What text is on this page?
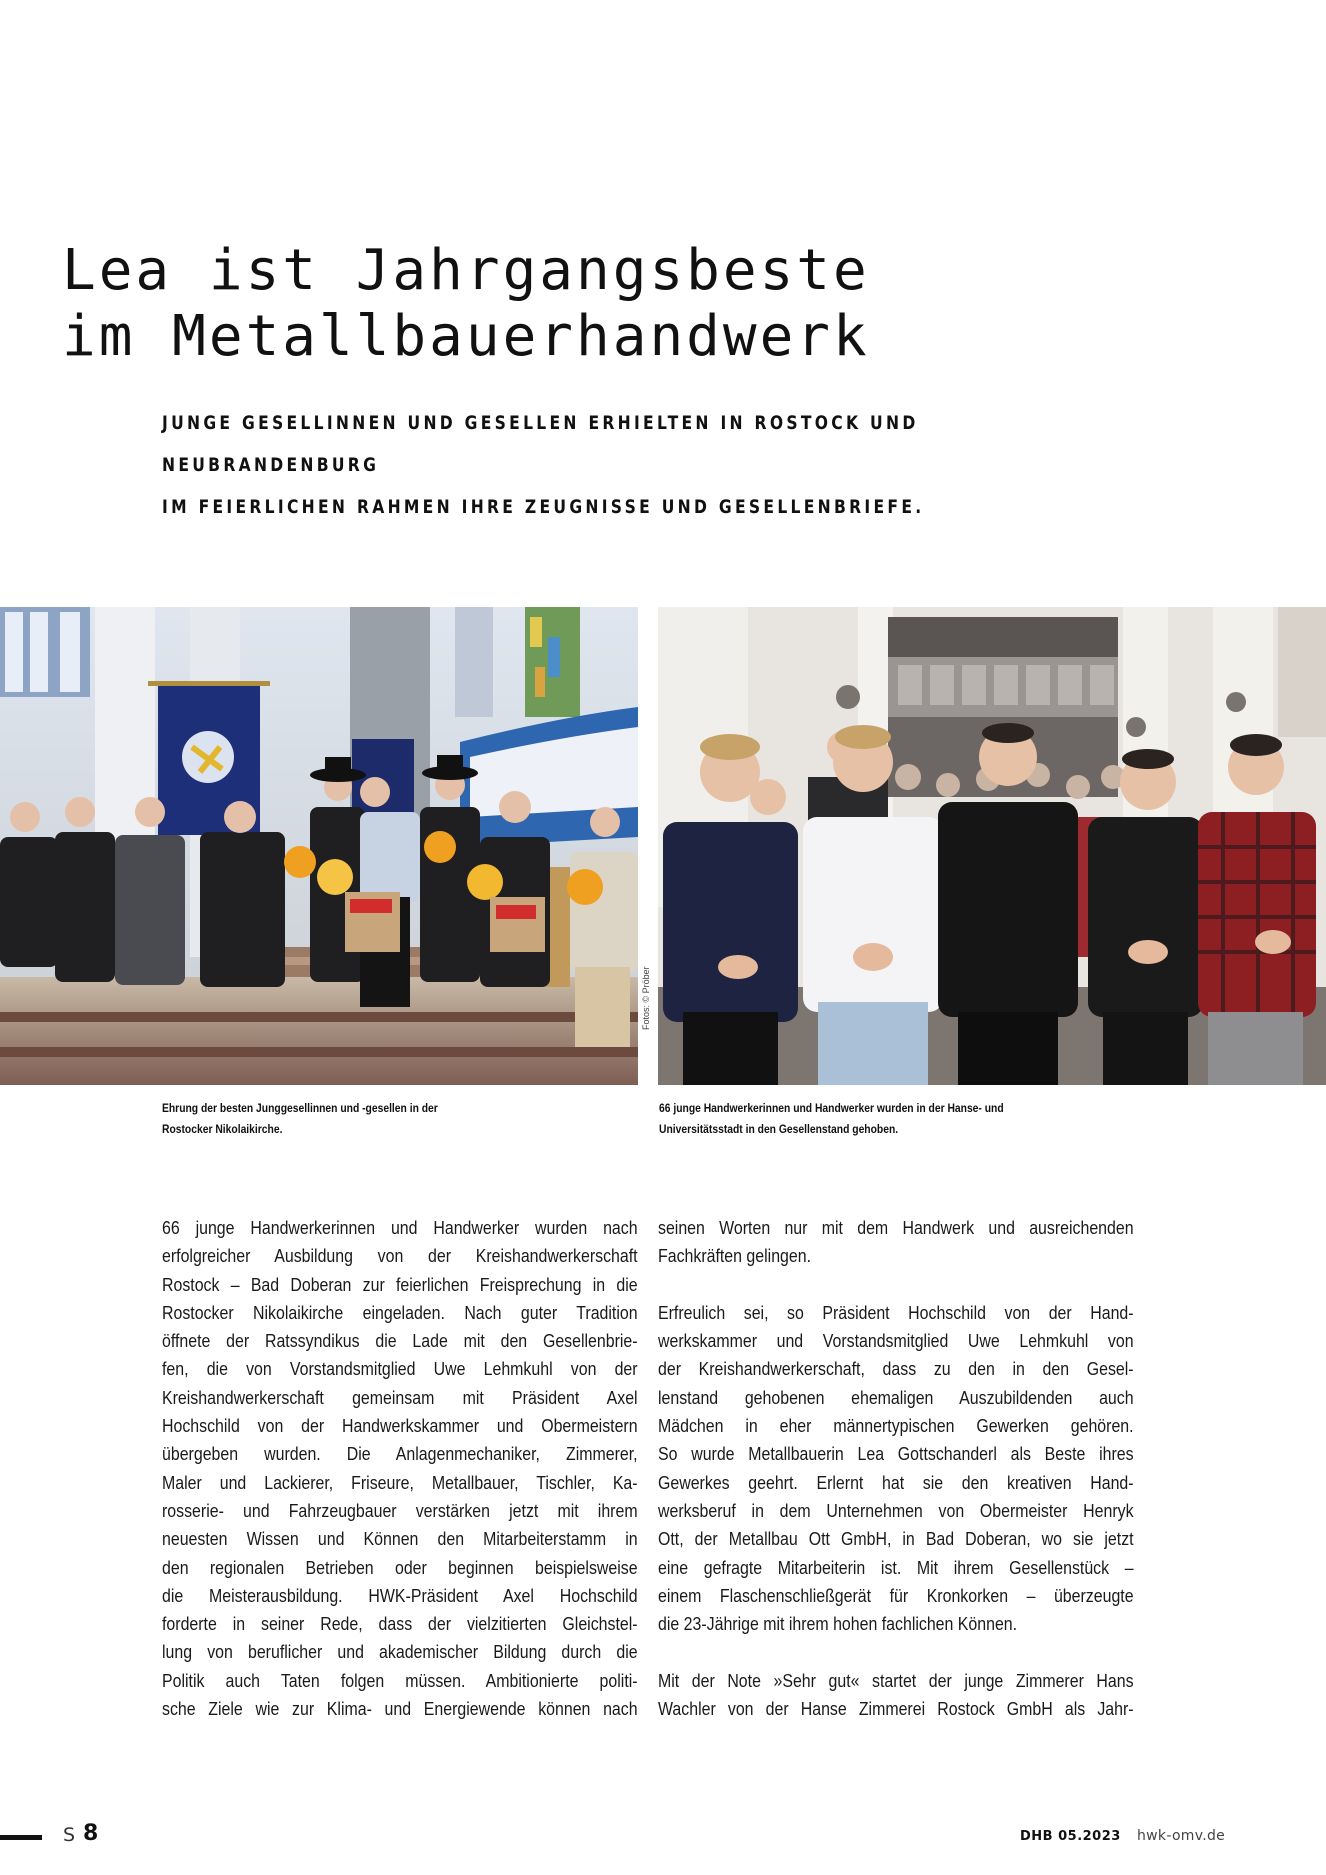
Lea ist Jahrgangsbeste
im Metallbauerhandwerk
JUNGE GESELLINNEN UND GESELLEN ERHIELTEN IN ROSTOCK UND NEUBRANDENBURG
IM FEIERLICHEN RAHMEN IHRE ZEUGNISSE UND GESELLENBRIEFE.
Fotos: © Pröber
Ehrung der besten Junggesellinnen und -gesellen in der
Rostocker Nikolaikirche.
66 junge Handwerkerinnen und Handwerker wurden in der Hanse- und
Universitätsstadt in den Gesellenstand gehoben.
66 junge Handwerkerinnen und Handwerker wurden nach
erfolgreicher Ausbildung von der Kreishandwerkerschaft
Rostock – Bad Doberan zur feierlichen Freisprechung in die
Rostocker Nikolaikirche eingeladen. Nach guter Tradition
öffnete der Ratssyndikus die Lade mit den Gesellenbrie-
fen, die von Vorstandsmitglied Uwe Lehmkuhl von der
Kreishandwerkerschaft gemeinsam mit Präsident Axel
Hochschild von der Handwerkskammer und Obermeistern
übergeben wurden. Die Anlagenmechaniker, Zimmerer,
Maler und Lackierer, Friseure, Metallbauer, Tischler, Ka-
rosserie- und Fahrzeugbauer verstärken jetzt mit ihrem
neuesten Wissen und Können den Mitarbeiterstamm in
den regionalen Betrieben oder beginnen beispielsweise
die Meisterausbildung. HWK-Präsident Axel Hochschild
forderte in seiner Rede, dass der vielzitierten Gleichstel-
lung von beruflicher und akademischer Bildung durch die
Politik auch Taten folgen müssen. Ambitionierte politi-
sche Ziele wie zur Klima- und Energiewende können nach
seinen Worten nur mit dem Handwerk und ausreichenden
Fachkräften gelingen.
Erfreulich sei, so Präsident Hochschild von der Hand-
werkskammer und Vorstandsmitglied Uwe Lehmkuhl von
der Kreishandwerkerschaft, dass zu den in den Gesel-
lenstand gehobenen ehemaligen Auszubildenden auch
Mädchen in eher männertypischen Gewerken gehören.
So wurde Metallbauerin Lea Gottschanderl als Beste ihres
Gewerkes geehrt. Erlernt hat sie den kreativen Hand-
werksberuf in dem Unternehmen von Obermeister Henryk
Ott, der Metallbau Ott GmbH, in Bad Doberan, wo sie jetzt
eine gefragte Mitarbeiterin ist. Mit ihrem Gesellenstück –
einem Flaschenschließgerät für Kronkorken – überzeugte
die 23-Jährige mit ihrem hohen fachlichen Können.
Mit der Note »Sehr gut« startet der junge Zimmerer Hans
Wachler von der Hanse Zimmerei Rostock GmbH als Jahr-
S 8	DHB 05.2023 hwk-omv.de
